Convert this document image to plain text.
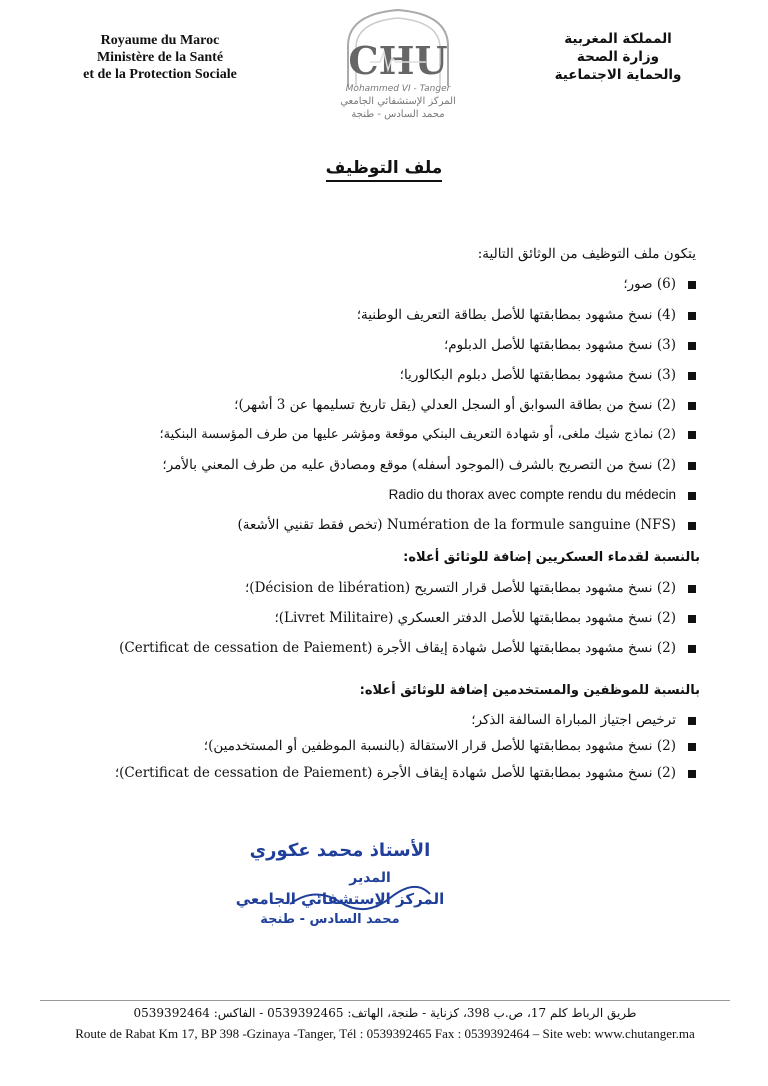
Royaume du Maroc
Ministère de la Santé
et de la Protection Sociale	CHU
Mohammed VI - Tanger
المركز الإستشفائي الجامعي
محمد السادس - طنجة
المملكة المغربية
وزارة الصحة
والحماية الاجتماعية
ملف التوظيف
يتكون ملف التوظيف من الوثائق التالية:
(6) صور؛
(4) نسخ مشهود بمطابقتها للأصل بطاقة التعريف الوطنية؛
(3) نسخ مشهود بمطابقتها للأصل الدبلوم؛
(3) نسخ مشهود بمطابقتها للأصل دبلوم البكالوريا؛
(2) نسخ من بطاقة السوابق أو السجل العدلي (يقل تاريخ تسليمها عن 3 أشهر)؛
(2) نماذج شيك ملغى، أو شهادة التعريف البنكي موقعة ومؤشر عليها من طرف المؤسسة البنكية؛
(2) نسخ من التصريح بالشرف (الموجود أسفله) موقع ومصادق عليه من طرف المعني بالأمر؛
Radio du thorax avec compte rendu du médecin
Numération de la formule sanguine (NFS) (تخص فقط تقنيي الأشعة)
بالنسبة لقدماء العسكريين إضافة للوثائق أعلاه:
(2) نسخ مشهود بمطابقتها للأصل قرار التسريح (Décision de libération)؛
(2) نسخ مشهود بمطابقتها للأصل الدفتر العسكري (Livret Militaire)؛
(2) نسخ مشهود بمطابقتها للأصل شهادة إيقاف الأجرة (Certificat de cessation de Paiement)
بالنسبة للموظفين والمستخدمين إضافة للوثائق أعلاه:
ترخيص اجتياز المباراة السالفة الذكر؛
(2) نسخ مشهود بمطابقتها للأصل قرار الاستقالة (بالنسبة الموظفين أو المستخدمين)؛
(2) نسخ مشهود بمطابقتها للأصل شهادة إيقاف الأجرة (Certificat de cessation de Paiement)؛
الأستاذ محمد عكوري
المدير
المركز الإستشفائي الجامعي
محمد السادس - طنجة
طريق الرباط كلم 17، ص.ب 398، كزناية - طنجة، الهاتف: 0539392465 - الفاكس: 0539392464
Route de Rabat Km 17, BP 398 -Gzinaya -Tanger, Tél : 0539392465 Fax : 0539392464 – Site web: www.chutanger.ma
